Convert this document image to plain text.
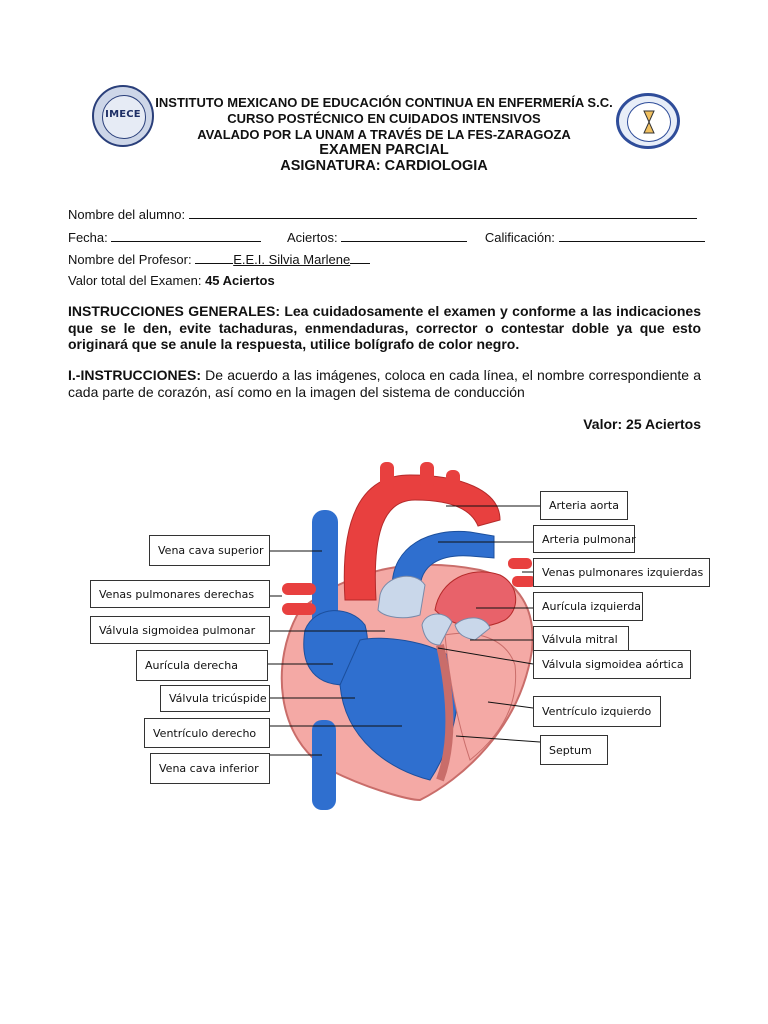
IMECE
INSTITUTO MEXICANO DE EDUCACIÓN CONTINUA EN ENFERMERÍA S.C.
CURSO POSTÉCNICO EN CUIDADOS INTENSIVOS
AVALADO POR LA UNAM A TRAVÉS DE LA FES-ZARAGOZA
EXAMEN PARCIAL
ASIGNATURA: CARDIOLOGIA
Nombre del alumno:
Fecha:	Aciertos:	Calificación:
Nombre del Profesor:	E.E.I. Silvia Marlene
Valor total del Examen: 45 Aciertos
INSTRUCCIONES GENERALES: Lea cuidadosamente el examen y conforme a las indicaciones que se le den, evite tachaduras, enmendaduras, corrector o contestar doble ya que esto originará que se anule la respuesta, utilice bolígrafo de color negro.
I.-INSTRUCCIONES: De acuerdo a las imágenes, coloca en cada línea, el nombre correspondiente a cada parte de corazón, así como en la imagen del sistema de conducción
Valor: 25 Aciertos
Vena cava superior
Venas pulmonares derechas
Válvula sigmoidea pulmonar
Aurícula derecha
Válvula tricúspide
Ventrículo derecho
Vena cava inferior
Arteria aorta
Arteria pulmonar
Venas pulmonares izquierdas
Aurícula izquierda
Válvula mitral
Válvula sigmoidea aórtica
Ventrículo izquierdo
Septum
